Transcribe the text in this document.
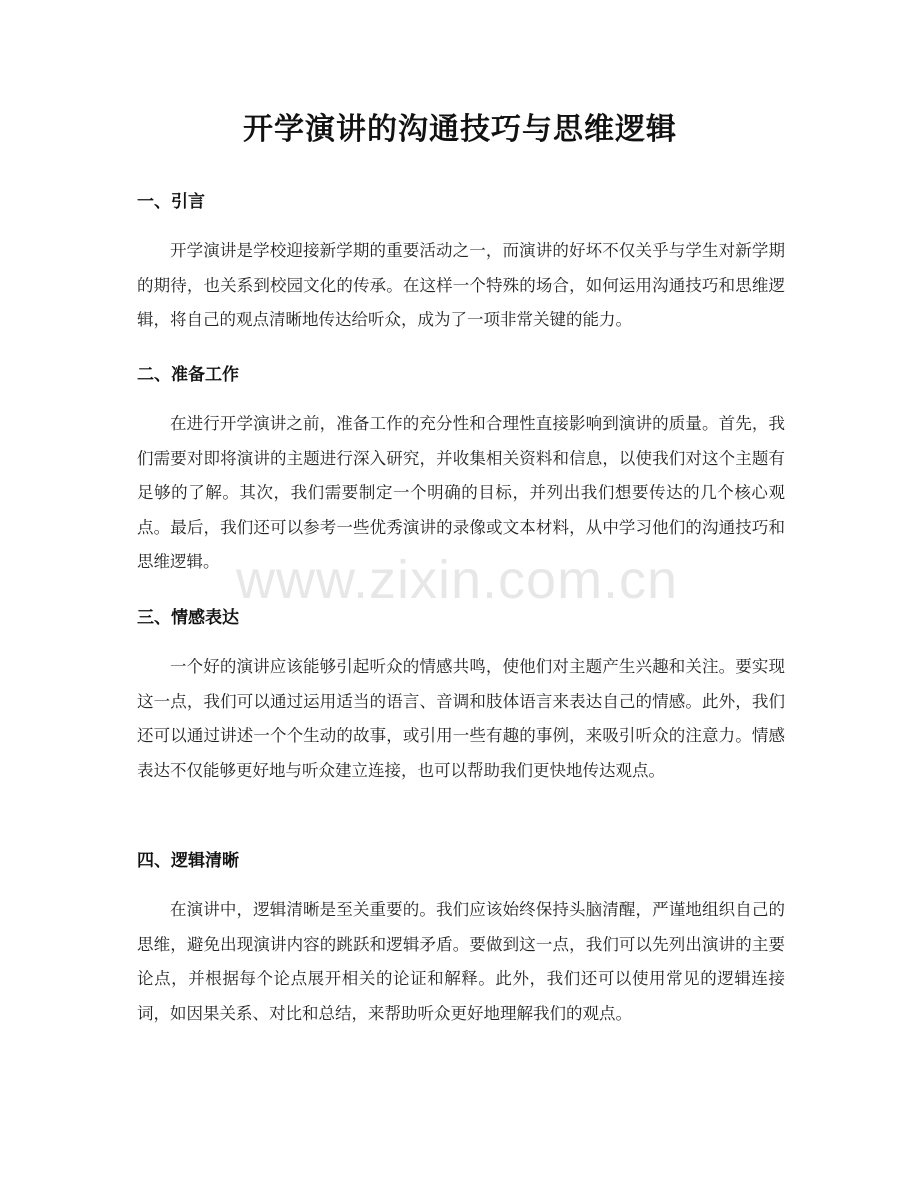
开学演讲的沟通技巧与思维逻辑
一、引言

开学演讲是学校迎接新学期的重要活动之一，而演讲的好坏不仅关乎与学生对新学期的期待，也关系到校园文化的传承。在这样一个特殊的场合，如何运用沟通技巧和思维逻辑，将自己的观点清晰地传达给听众，成为了一项非常关键的能力。

二、准备工作

在进行开学演讲之前，准备工作的充分性和合理性直接影响到演讲的质量。首先，我们需要对即将演讲的主题进行深入研究，并收集相关资料和信息，以使我们对这个主题有足够的了解。其次，我们需要制定一个明确的目标，并列出我们想要传达的几个核心观点。最后，我们还可以参考一些优秀演讲的录像或文本材料，从中学习他们的沟通技巧和思维逻辑。

三、情感表达

一个好的演讲应该能够引起听众的情感共鸣，使他们对主题产生兴趣和关注。要实现这一点，我们可以通过运用适当的语言、音调和肢体语言来表达自己的情感。此外，我们还可以通过讲述一个个生动的故事，或引用一些有趣的事例，来吸引听众的注意力。情感表达不仅能够更好地与听众建立连接，也可以帮助我们更快地传达观点。

四、逻辑清晰

在演讲中，逻辑清晰是至关重要的。我们应该始终保持头脑清醒，严谨地组织自己的思维，避免出现演讲内容的跳跃和逻辑矛盾。要做到这一点，我们可以先列出演讲的主要论点，并根据每个论点展开相关的论证和解释。此外，我们还可以使用常见的逻辑连接词，如因果关系、对比和总结，来帮助听众更好地理解我们的观点。

www.zixin.com.cn
